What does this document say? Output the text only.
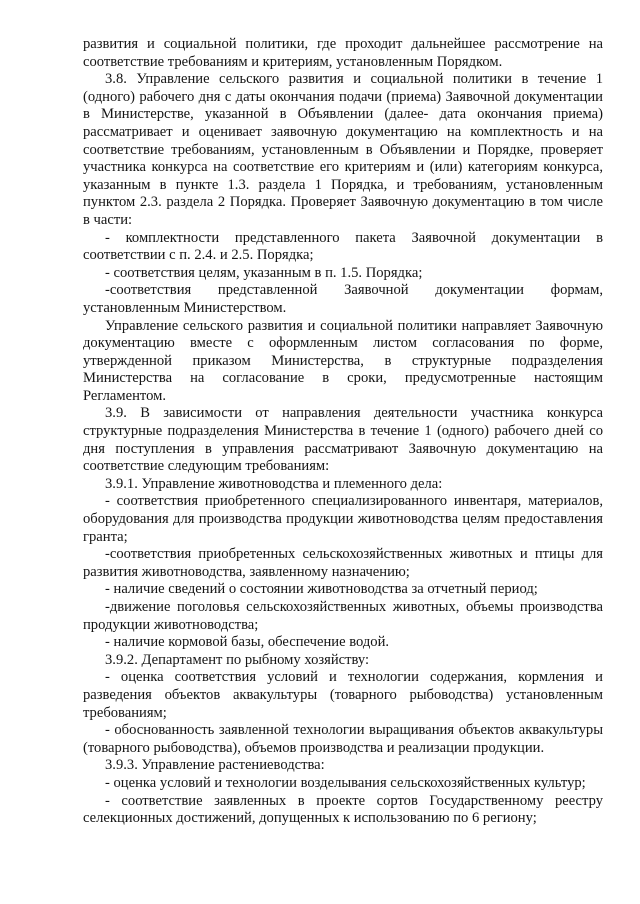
развития и социальной политики, где проходит дальнейшее рассмотрение на соответствие требованиям и критериям, установленным Порядком.

3.8. Управление сельского развития и социальной политики в течение 1 (одного) рабочего дня с даты окончания подачи (приема) Заявочной документации в Министерстве, указанной в Объявлении (далее- дата окончания приема) рассматривает и оценивает заявочную документацию на комплектность и на соответствие требованиям, установленным в Объявлении и Порядке, проверяет участника конкурса на соответствие его критериям и (или) категориям конкурса, указанным в пункте 1.3. раздела 1 Порядка, и требованиям, установленным пунктом 2.3. раздела 2 Порядка. Проверяет Заявочную документацию в том числе в части:

- комплектности представленного пакета Заявочной документации в соответствии с п. 2.4. и 2.5. Порядка;

- соответствия целям, указанным в п. 1.5. Порядка;

-соответствия представленной Заявочной документации формам, установленным Министерством.

Управление сельского развития и социальной политики направляет Заявочную документацию вместе с оформленным листом согласования по форме, утвержденной приказом Министерства, в структурные подразделения Министерства на согласование в сроки, предусмотренные настоящим Регламентом.

3.9. В зависимости от направления деятельности участника конкурса структурные подразделения Министерства в течение 1 (одного) рабочего дней со дня поступления в управления рассматривают Заявочную документацию на соответствие следующим требованиям:

3.9.1. Управление животноводства и племенного дела:

- соответствия приобретенного специализированного инвентаря, материалов, оборудования для производства продукции животноводства целям предоставления гранта;

-соответствия приобретенных сельскохозяйственных животных и птицы для развития животноводства, заявленному назначению;

- наличие сведений о состоянии животноводства за отчетный период;

-движение поголовья сельскохозяйственных животных, объемы производства продукции животноводства;

- наличие кормовой базы, обеспечение водой.

3.9.2. Департамент по рыбному хозяйству:

- оценка соответствия условий и технологии содержания, кормления и разведения объектов аквакультуры (товарного рыбоводства) установленным требованиям;

- обоснованность заявленной технологии выращивания объектов аквакультуры (товарного рыбоводства), объемов производства и реализации продукции.

3.9.3. Управление растениеводства:

- оценка условий и технологии возделывания сельскохозяйственных культур;

- соответствие заявленных в проекте сортов Государственному реестру селекционных достижений, допущенных к использованию по 6 региону;
